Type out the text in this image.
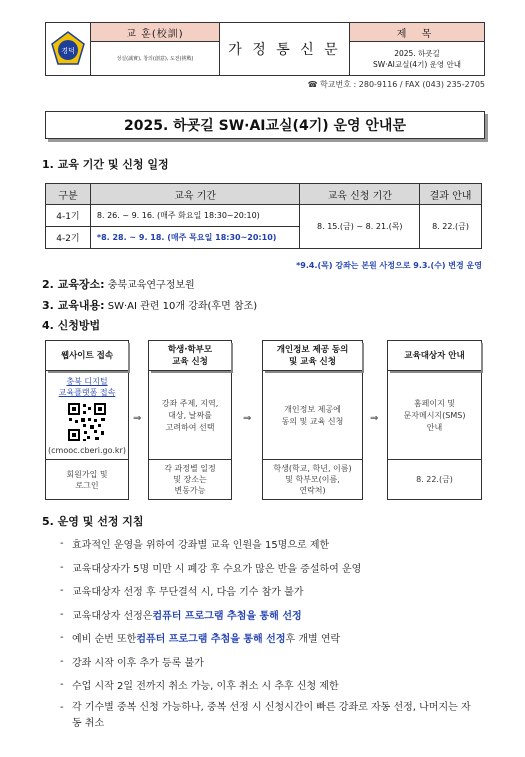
경덕
교 훈(校訓)
성실(誠實), 창의(創意), 도전(挑戰)
가 정 통 신 문
제 목
2025. 하굣길
SW·AI교실(4기) 운영 안내
☎ 학교번호 : 280-9116 / FAX (043) 235-2705
2025. 하굣길 SW·AI교실(4기) 운영 안내문
1. 교육 기간 및 신청 일정
구분	교육 기간	교육 신청 기간	결과 안내
4-1기	8. 26. ~ 9. 16. (매주 화요일 18:30~20:10)	8. 15.(금) ~ 8. 21.(목)	8. 22.(금)
4-2기	*8. 28. ~ 9. 18. (매주 목요일 18:30~20:10)		
*9.4.(목) 강좌는 본원 사정으로 9.3.(수) 변경 운영
2. 교육장소: 충북교육연구정보원
3. 교육내용: SW·AI 관련 10개 강좌(후면 참조)
4. 신청방법
웹사이트 접속
충북 디지털
교육플랫폼 접속
(cmooc.cberi.go.kr)
회원가입 및
로그인
⇒
학생·학부모
교육 신청
강좌 주제, 지역,
대상, 날짜를
고려하여 선택
각 과정별 일정
및 장소는
변동가능
⇒
개인정보 제공 동의
및 교육 신청
개인정보 제공에
동의 및 교육 신청
학생(학교, 학년, 이름)
및 학부모(이름,
연락처)
⇒
교육대상자 안내
홈페이지 및
문자메시지(SMS)
안내
8. 22.(금)
5. 운영 및 선정 지침
- 효과적인 운영을 위하여 강좌별 교육 인원을 15명으로 제한
- 교육대상자가 5명 미만 시 폐강 후 수요가 많은 반을 증설하여 운영
- 교육대상자 선정 후 무단결석 시, 다음 기수 참가 불가
- 교육대상자 선정은 컴퓨터 프로그램 추첨을 통해 선정
- 예비 순번 또한 컴퓨터 프로그램 추첨을 통해 선정 후 개별 연락
- 강좌 시작 이후 추가 등록 불가
- 수업 시작 2일 전까지 취소 가능, 이후 취소 시 추후 신청 제한
- 각 기수별 중복 신청 가능하나, 중복 선정 시 신청시간이 빠른 강좌로 자동 선정, 나머지는 자동 취소
